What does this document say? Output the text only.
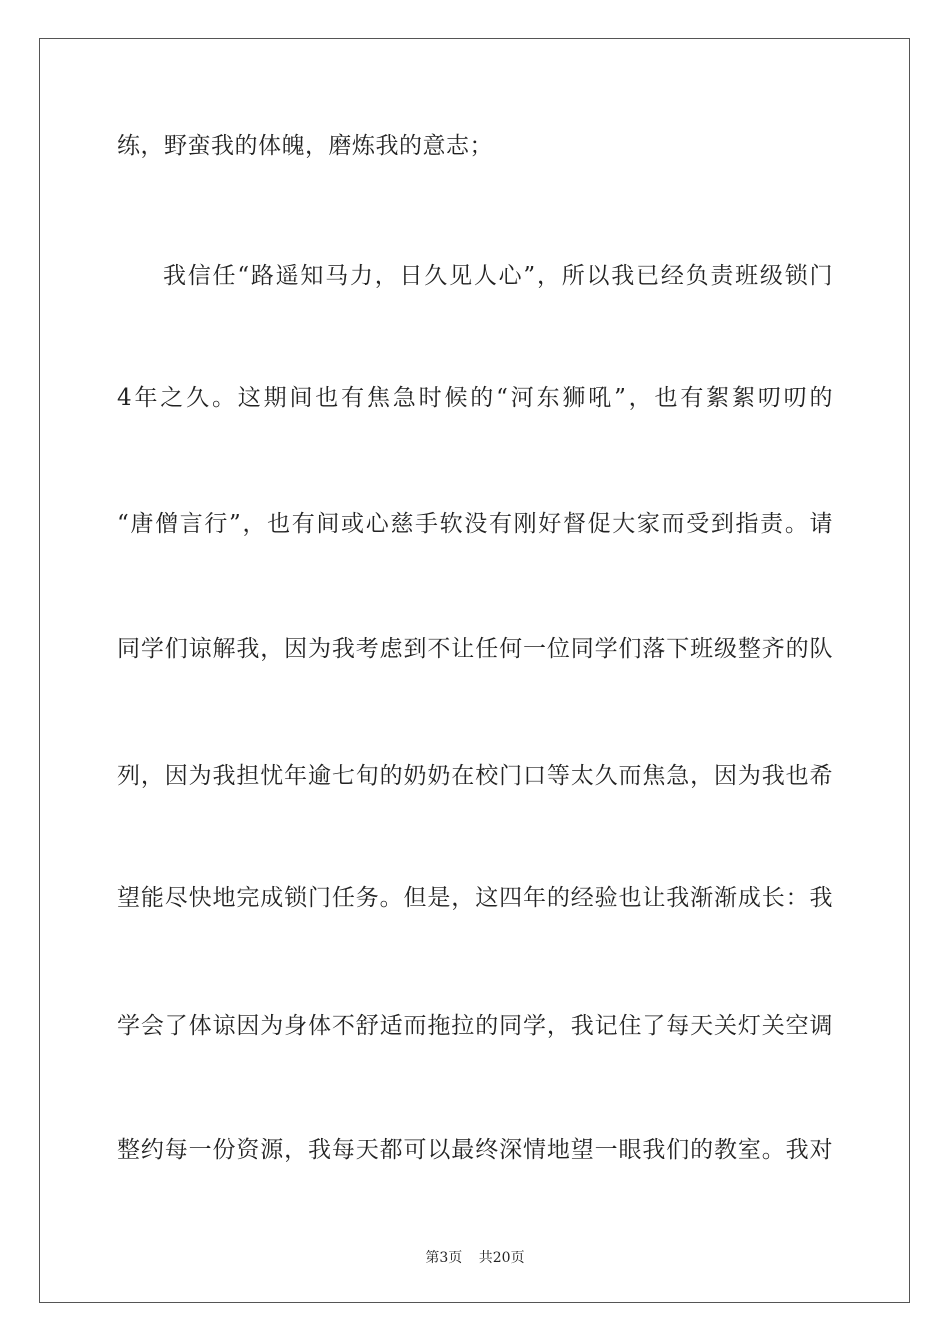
练，野蛮我的体魄，磨炼我的意志；
我信任“路遥知马力，日久见人心”，所以我已经负责班级锁门
4年之久。这期间也有焦急时候的“河东狮吼”，也有絮絮叨叨的
“唐僧言行”，也有间或心慈手软没有刚好督促大家而受到指责。请
同学们谅解我，因为我考虑到不让任何一位同学们落下班级整齐的队
列，因为我担忧年逾七旬的奶奶在校门口等太久而焦急，因为我也希
望能尽快地完成锁门任务。但是，这四年的经验也让我渐渐成长：我
学会了体谅因为身体不舒适而拖拉的同学，我记住了每天关灯关空调
整约每一份资源，我每天都可以最终深情地望一眼我们的教室。我对
第3页 共20页
